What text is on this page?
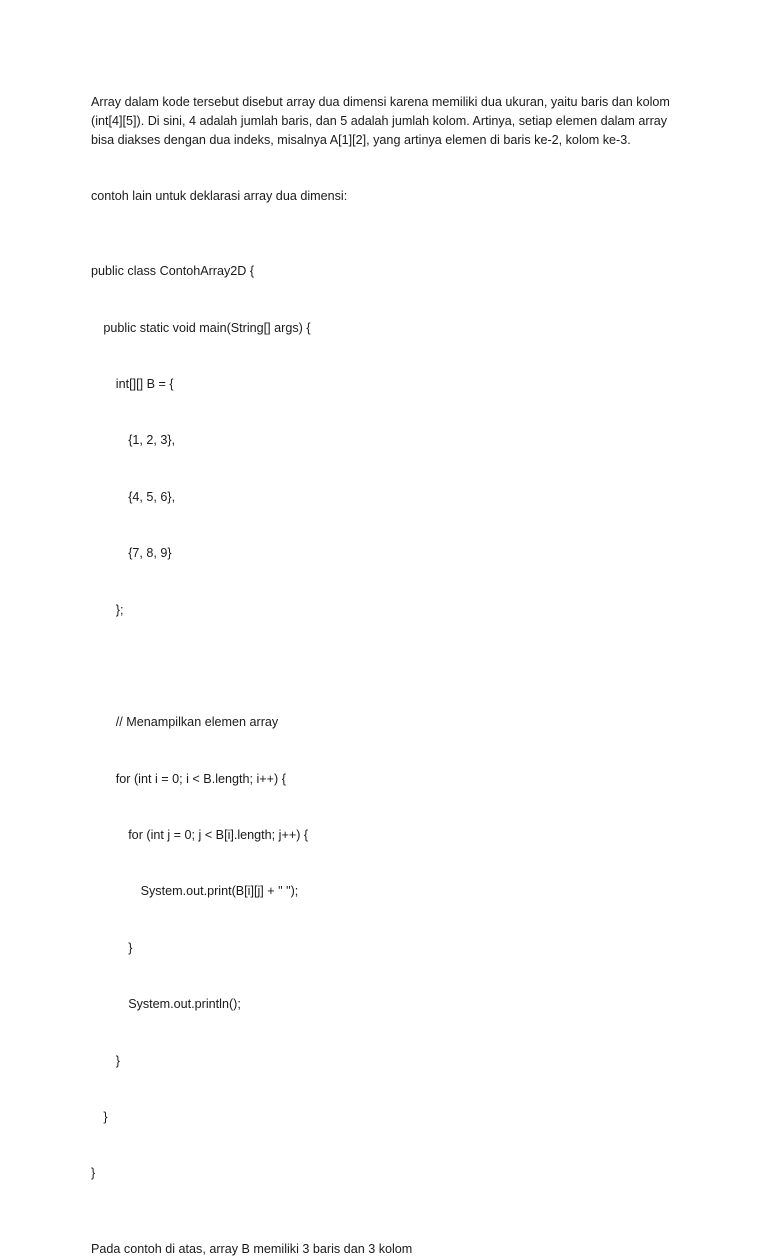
Array dalam kode tersebut disebut array dua dimensi karena memiliki dua ukuran, yaitu baris dan kolom (int[4][5]). Di sini, 4 adalah jumlah baris, dan 5 adalah jumlah kolom. Artinya, setiap elemen dalam array bisa diakses dengan dua indeks, misalnya A[1][2], yang artinya elemen di baris ke-2, kolom ke-3.

contoh lain untuk deklarasi array dua dimensi:

public class ContohArray2D {

public static void main(String[] args) {

int[][] B = {

{1, 2, 3},

{4, 5, 6},

{7, 8, 9}

};

// Menampilkan elemen array

for (int i = 0; i < B.length; i++) {

for (int j = 0; j < B[i].length; j++) {

System.out.print(B[i][j] + " ");

}

System.out.println();

}

}

}

Pada contoh di atas, array B memiliki 3 baris dan 3 kolom
